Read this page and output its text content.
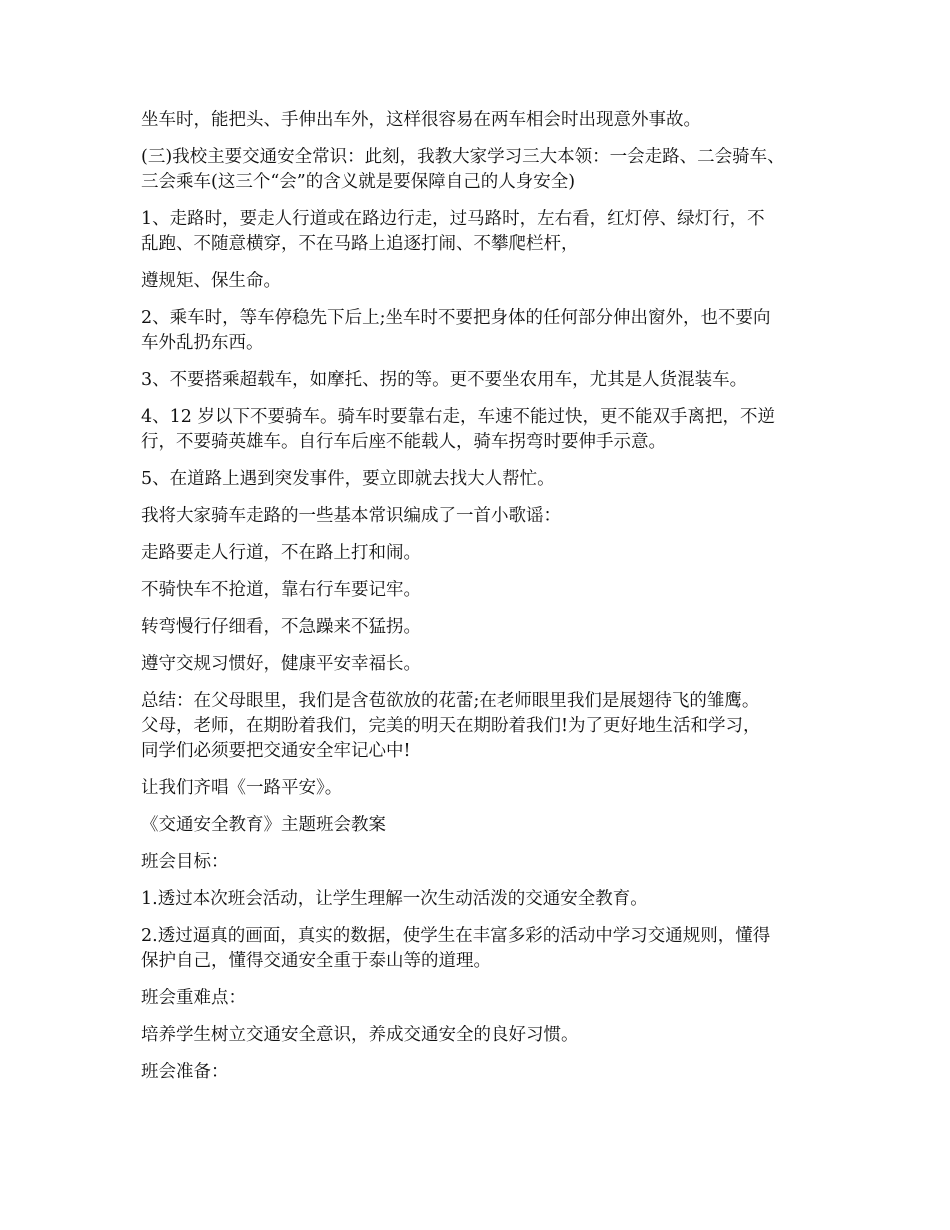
坐车时，能把头、手伸出车外，这样很容易在两车相会时出现意外事故。

(三)我校主要交通安全常识：此刻，我教大家学习三大本领：一会走路、二会骑车、
三会乘车(这三个“会”的含义就是要保障自己的人身安全)

1、走路时，要走人行道或在路边行走，过马路时，左右看，红灯停、绿灯行，不
乱跑、不随意横穿，不在马路上追逐打闹、不攀爬栏杆，

遵规矩、保生命。

2、乘车时，等车停稳先下后上;坐车时不要把身体的任何部分伸出窗外，也不要向
车外乱扔东西。

3、不要搭乘超载车，如摩托、拐的等。更不要坐农用车，尤其是人货混装车。

4、12 岁以下不要骑车。骑车时要靠右走，车速不能过快，更不能双手离把，不逆
行，不要骑英雄车。自行车后座不能载人，骑车拐弯时要伸手示意。

5、在道路上遇到突发事件，要立即就去找大人帮忙。

我将大家骑车走路的一些基本常识编成了一首小歌谣：

走路要走人行道，不在路上打和闹。

不骑快车不抢道，靠右行车要记牢。

转弯慢行仔细看，不急躁来不猛拐。

遵守交规习惯好，健康平安幸福长。

总结：在父母眼里，我们是含苞欲放的花蕾;在老师眼里我们是展翅待飞的雏鹰。
父母，老师，在期盼着我们，完美的明天在期盼着我们!为了更好地生活和学习，
同学们必须要把交通安全牢记心中!

让我们齐唱《一路平安》。

《交通安全教育》主题班会教案

班会目标：

1.透过本次班会活动，让学生理解一次生动活泼的交通安全教育。

2.透过逼真的画面，真实的数据，使学生在丰富多彩的活动中学习交通规则，懂得
保护自己，懂得交通安全重于泰山等的道理。

班会重难点：

培养学生树立交通安全意识，养成交通安全的良好习惯。

班会准备：
